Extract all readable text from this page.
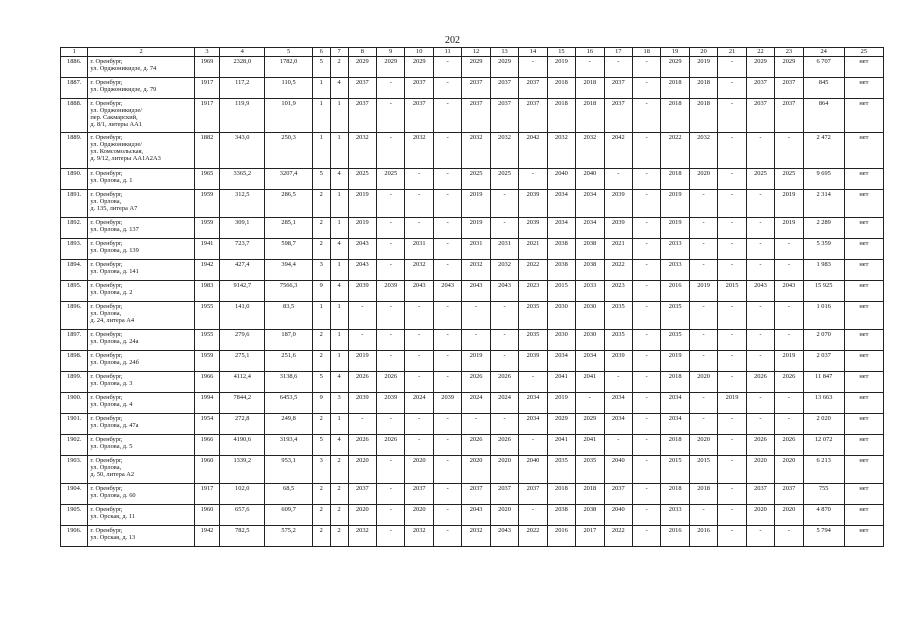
202
1	2	3	4	5	6	7	8	9	10	11	12	13	14	15	16	17	18	19	20	21	22	23	24	25
1886.	г. Оренбург,
ул. Орджоникидзе, д. 74	1969	2328,0	1782,0	5	2	2029	2029	2029	-	2029	2029	-	2019	-	-	-	2029	2019	-	2029	2029	6 707	нет
1887.	г. Оренбург,
ул. Орджоникидзе, д. 79	1917	117,2	110,5	1	4	2037	-	2037	-	2037	2037	2037	2018	2018	2037	-	2018	2018	-	2037	2037	845	нет
1888.	г. Оренбург,
ул. Орджоникидзе/
пер. Сакмарский,
д. 8/1, литеры АА1	1917	119,9	101,9	1	1	2037	-	2037	-	2037	2037	2037	2018	2018	2037	-	2018	2018	-	2037	2037	864	нет
1889.	г. Оренбург,
ул. Орджоникидзе/
ул. Комсомольская,
д. 9/12, литеры АА1А2А3	1882	343,0	250,3	1	1	2032	-	2032	-	2032	2032	2042	2032	2032	2042	-	2022	2032	-	-	-	2 472	нет
1890.	г. Оренбург,
ул. Орлова, д. 1	1965	3365,2	3207,4	5	4	2025	2025	-	-	2025	2025	-	2040	2040	-	-	2018	2020	-	2025	2025	9 695	нет
1891.	г. Оренбург,
ул. Орлова,
д. 135, литера А7	1959	312,5	286,5	2	1	2019	-	-	-	2019	-	2039	2034	2034	2039	-	2019	-	-	-	2019	2 314	нет
1892.	г. Оренбург,
ул. Орлова, д. 137	1959	309,1	285,1	2	1	2019	-	-	-	2019	-	2039	2034	2034	2039	-	2019	-	-	-	2019	2 289	нет
1893.	г. Оренбург,
ул. Орлова, д. 139	1941	723,7	598,7	2	4	2043	-	2031	-	2031	2031	2021	2038	2038	2021	-	2033	-	-	-	-	5 359	нет
1894.	г. Оренбург,
ул. Орлова, д. 141	1942	427,4	394,4	3	1	2043	-	2032	-	2032	2032	2022	2038	2038	2022	-	2033	-	-	-	-	1 983	нет
1895.	г. Оренбург,
ул. Орлова, д. 2	1983	9142,7	7566,3	9	4	2039	2039	2043	2043	2043	2043	2023	2015	2033	2023	-	2016	2019	2015	2043	2043	15 925	нет
1896.	г. Оренбург,
ул. Орлова,
д. 24, литера А4	1955	141,0	83,5	1	1	-	-	-	-	-	-	2035	2030	2030	2035	-	2035	-	-	-	-	1 016	нет
1897.	г. Оренбург,
ул. Орлова, д. 24а	1955	279,6	187,0	2	1	-	-	-	-	-	-	2035	2030	2030	2035	-	2035	-	-	-	-	2 070	нет
1898.	г. Оренбург,
ул. Орлова, д. 24б	1959	275,1	251,6	2	1	2019	-	-	-	2019	-	2039	2034	2034	2039	-	2019	-	-	-	2019	2 037	нет
1899.	г. Оренбург,
ул. Орлова, д. 3	1966	4112,4	3138,6	5	4	2026	2026	-	-	2026	2026	-	2041	2041	-	-	2018	2020	-	2026	2026	11 847	нет
1900.	г. Оренбург,
ул. Орлова, д. 4	1994	7844,2	6453,5	9	3	2039	2039	2024	2039	2024	2024	2034	2019	-	2034	-	2034	-	2019	-	-	13 663	нет
1901.	г. Оренбург,
ул. Орлова, д. 47а	1954	272,8	249,8	2	1	-	-	-	-	-	-	2034	2029	2029	2034	-	2034	-	-	-	-	2 020	нет
1902.	г. Оренбург,
ул. Орлова, д. 5	1966	4190,6	3193,4	5	4	2026	2026	-	-	2026	2026	-	2041	2041	-	-	2018	2020	-	2026	2026	12 072	нет
1903.	г. Оренбург,
ул. Орлова,
д. 50, литера А2	1960	1339,2	953,1	3	2	2020	-	2020	-	2020	2020	2040	2035	2035	2040	-	2015	2015	-	2020	2020	6 213	нет
1904.	г. Оренбург,
ул. Орлова, д. 60	1917	102,0	68,5	2	2	2037	-	2037	-	2037	2037	2037	2018	2018	2037	-	2018	2018	-	2037	2037	755	нет
1905.	г. Оренбург,
ул. Орская, д. 11	1960	657,6	609,7	2	2	2020	-	2020	-	2043	2020	-	2038	2038	2040	-	2033	-	-	2020	2020	4 870	нет
1906.	г. Оренбург,
ул. Орская, д. 13	1942	782,5	575,2	2	2	2032	-	2032	-	2032	2043	2022	2016	2017	2022	-	2016	2016	-	-	-	5 794	нет
